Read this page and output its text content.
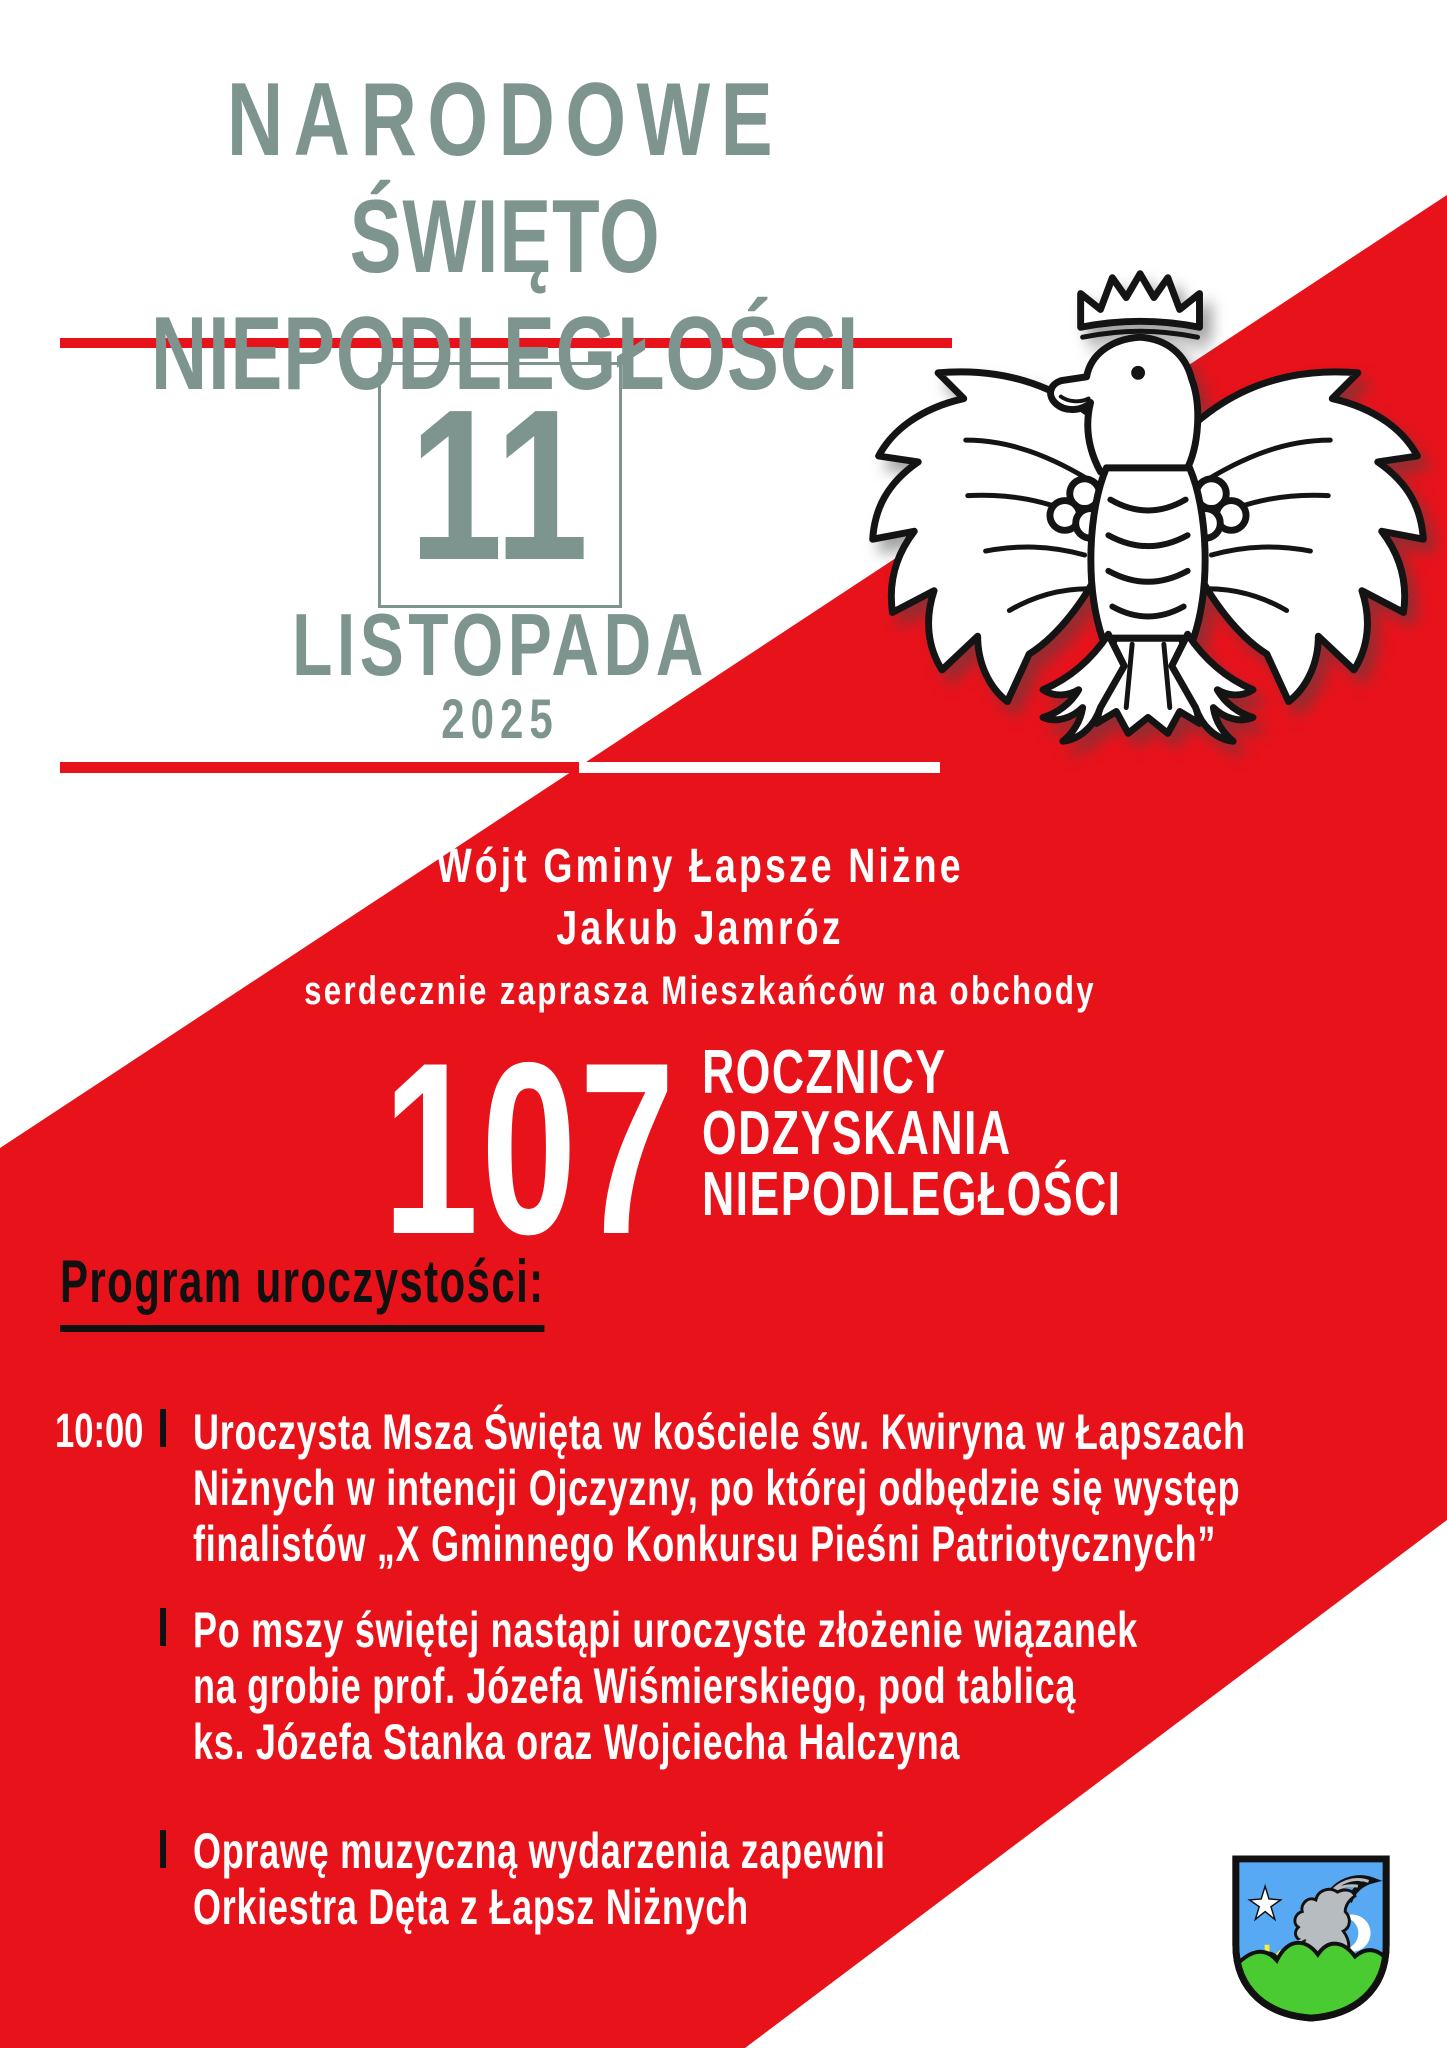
NARODOWE
ŚWIĘTO NIEPODLEGŁOŚCI
11
LISTOPADA
2025
Wójt Gminy Łapsze Niżne
Jakub Jamróz
serdecznie zaprasza Mieszkańców na obchody
107 ROCZNICY
ODZYSKANIA
NIEPODLEGŁOŚCI
Program uroczystości:
10:00 Uroczysta Msza Święta w kościele św. Kwiryna w Łapszach
Niżnych w intencji Ojczyzny, po której odbędzie się występ
finalistów „X Gminnego Konkursu Pieśni Patriotycznych”
Po mszy świętej nastąpi uroczyste złożenie wiązanek
na grobie prof. Józefa Wiśmierskiego, pod tablicą
ks. Józefa Stanka oraz Wojciecha Halczyna
Oprawę muzyczną wydarzenia zapewni
Orkiestra Dęta z Łapsz Niżnych
